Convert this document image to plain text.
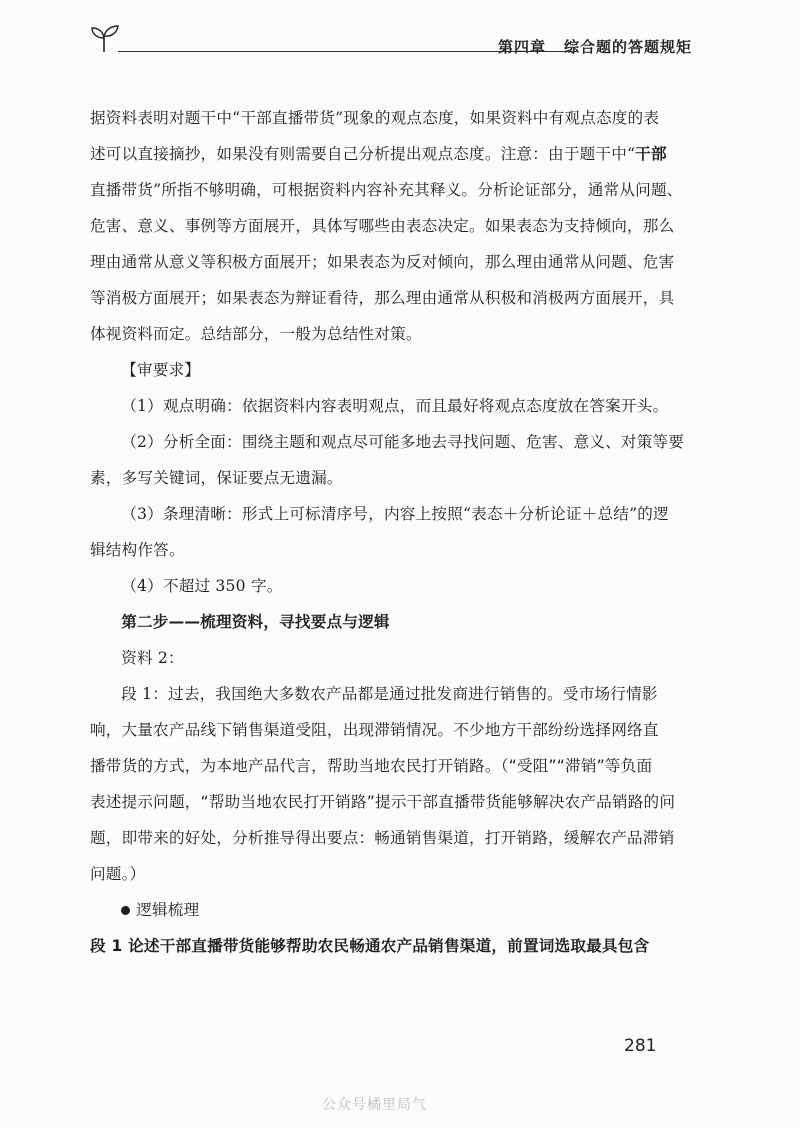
第四章 综合题的答题规矩

据资料表明对题干中“干部直播带货”现象的观点态度，如果资料中有观点态度的表

述可以直接摘抄，如果没有则需要自己分析提出观点态度。注意：由于题干中“干部

直播带货”所指不够明确，可根据资料内容补充其释义。分析论证部分，通常从问题、

危害、意义、事例等方面展开，具体写哪些由表态决定。如果表态为支持倾向，那么

理由通常从意义等积极方面展开；如果表态为反对倾向，那么理由通常从问题、危害

等消极方面展开；如果表态为辩证看待，那么理由通常从积极和消极两方面展开，具

体视资料而定。总结部分，一般为总结性对策。

【审要求】

（1）观点明确：依据资料内容表明观点，而且最好将观点态度放在答案开头。

（2）分析全面：围绕主题和观点尽可能多地去寻找问题、危害、意义、对策等要

素，多写关键词，保证要点无遗漏。

（3）条理清晰：形式上可标清序号，内容上按照“表态＋分析论证＋总结”的逻

辑结构作答。

（4）不超过 350 字。

第二步——梳理资料，寻找要点与逻辑

资料 2：

段 1：过去，我国绝大多数农产品都是通过批发商进行销售的。受市场行情影

响，大量农产品线下销售渠道受阻，出现滞销情况。不少地方干部纷纷选择网络直

播带货的方式，为本地产品代言，帮助当地农民打开销路。（“受阻”“滞销”等负面

表述提示问题，“帮助当地农民打开销路”提示干部直播带货能够解决农产品销路的问

题，即带来的好处，分析推导得出要点：畅通销售渠道，打开销路，缓解农产品滞销

问题。）

逻辑梳理

段 1 论述干部直播带货能够帮助农民畅通农产品销售渠道，前置词选取最具包含

281
公众号橘里局气
